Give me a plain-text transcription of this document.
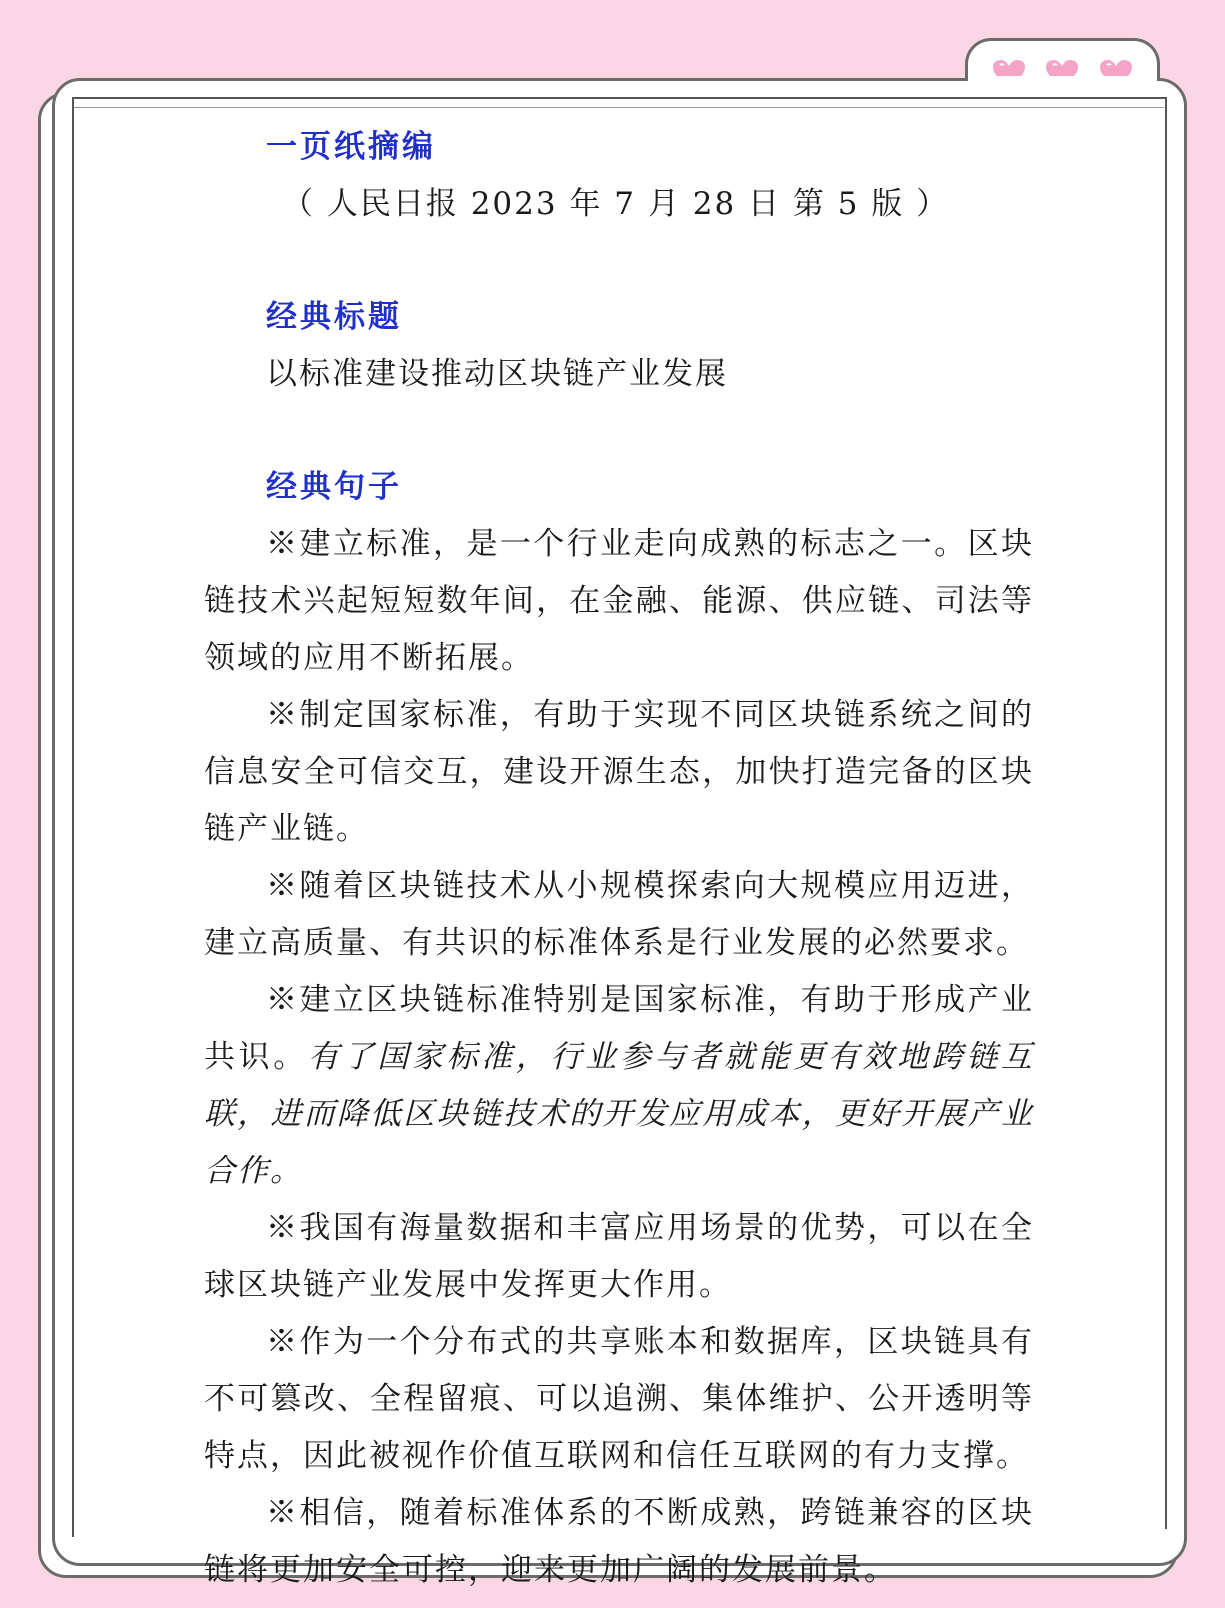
一页纸摘编
（ 人民日报 2023 年 7 月 28 日 第 5 版 ）
经典标题
以标准建设推动区块链产业发展
经典句子

※建立标准，是一个行业走向成熟的标志之一。区块链技术兴起短短数年间，在金融、能源、供应链、司法等领域的应用不断拓展。

※制定国家标准，有助于实现不同区块链系统之间的信息安全可信交互，建设开源生态，加快打造完备的区块链产业链。

※随着区块链技术从小规模探索向大规模应用迈进，建立高质量、有共识的标准体系是行业发展的必然要求。

※建立区块链标准特别是国家标准，有助于形成产业共识。有了国家标准，行业参与者就能更有效地跨链互联，进而降低区块链技术的开发应用成本，更好开展产业合作。

※我国有海量数据和丰富应用场景的优势，可以在全球区块链产业发展中发挥更大作用。

※作为一个分布式的共享账本和数据库，区块链具有不可篡改、全程留痕、可以追溯、集体维护、公开透明等特点，因此被视作价值互联网和信任互联网的有力支撑。

※相信，随着标准体系的不断成熟，跨链兼容的区块链将更加安全可控，迎来更加广阔的发展前景。
